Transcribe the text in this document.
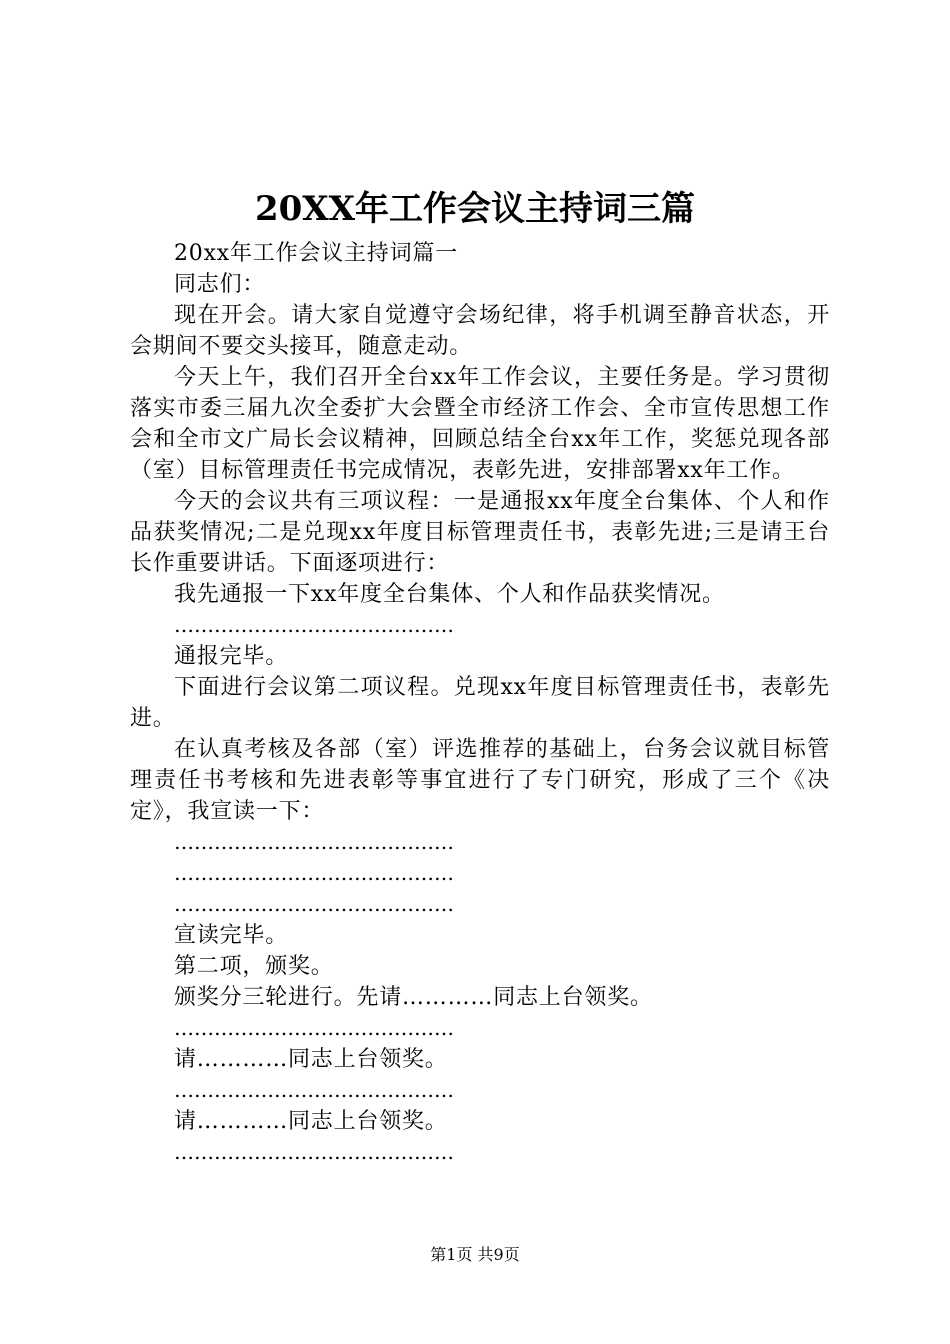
20XX年工作会议主持词三篇

20xx年工作会议主持词篇一

同志们：

现在开会。请大家自觉遵守会场纪律，将手机调至静音状态，开会期间不要交头接耳，随意走动。

今天上午，我们召开全台xx年工作会议，主要任务是。学习贯彻落实市委三届九次全委扩大会暨全市经济工作会、全市宣传思想工作会和全市文广局长会议精神，回顾总结全台xx年工作，奖惩兑现各部（室）目标管理责任书完成情况，表彰先进，安排部署xx年工作。

今天的会议共有三项议程：一是通报xx年度全台集体、个人和作品获奖情况;二是兑现xx年度目标管理责任书，表彰先进;三是请王台长作重要讲话。下面逐项进行：

我先通报一下xx年度全台集体、个人和作品获奖情况。

……………………………………

通报完毕。

下面进行会议第二项议程。兑现xx年度目标管理责任书，表彰先进。

在认真考核及各部（室）评选推荐的基础上，台务会议就目标管理责任书考核和先进表彰等事宜进行了专门研究，形成了三个《决定》，我宣读一下：

……………………………………

……………………………………

……………………………………

宣读完毕。

第二项，颁奖。

颁奖分三轮进行。先请…………同志上台领奖。

……………………………………

请…………同志上台领奖。

……………………………………

请…………同志上台领奖。

……………………………………

第1页 共9页
